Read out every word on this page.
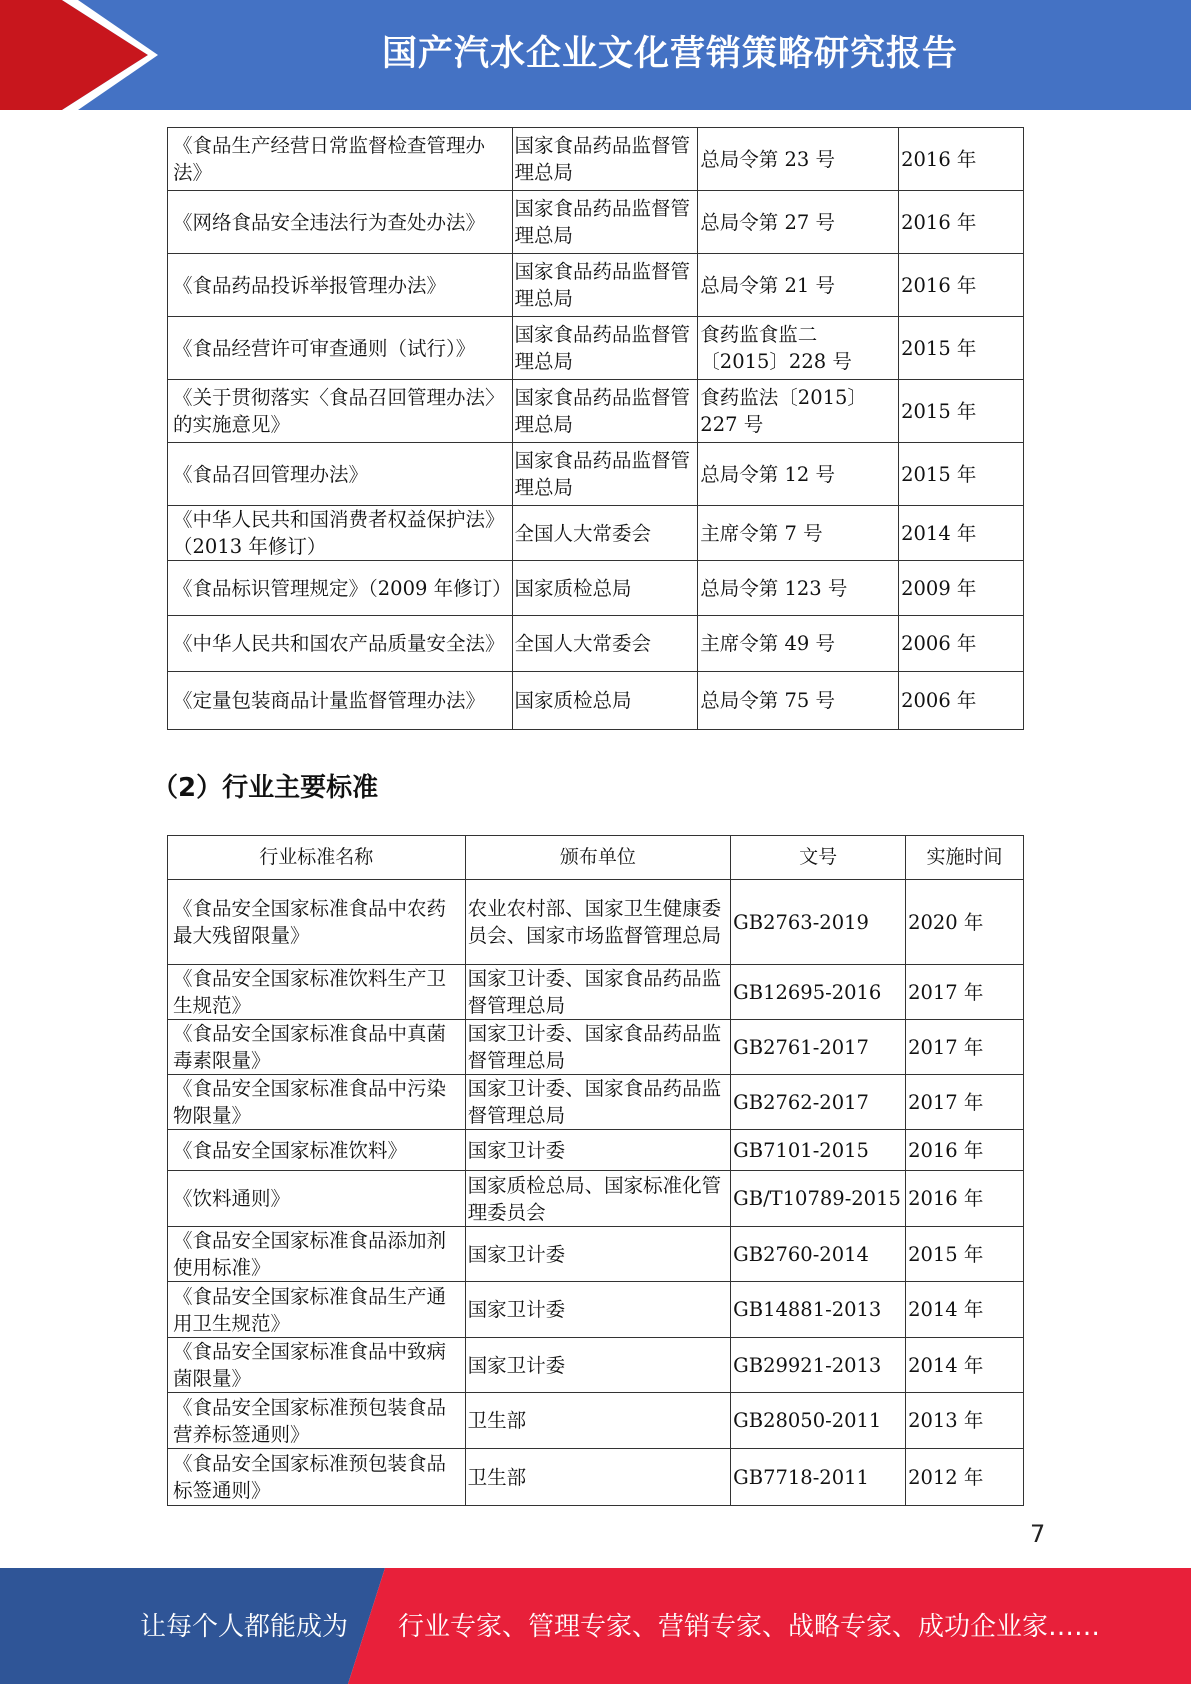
国产汽水企业文化营销策略研究报告
《食品生产经营日常监督检查管理办法》	国家食品药品监督管理总局	总局令第 23 号	2016 年
《网络食品安全违法行为查处办法》	国家食品药品监督管理总局	总局令第 27 号	2016 年
《食品药品投诉举报管理办法》	国家食品药品监督管理总局	总局令第 21 号	2016 年
《食品经营许可审查通则（试行）》	国家食品药品监督管理总局	食药监食监二〔2015〕228 号	2015 年
《关于贯彻落实〈食品召回管理办法〉的实施意见》	国家食品药品监督管理总局	食药监法〔2015〕227 号	2015 年
《食品召回管理办法》	国家食品药品监督管理总局	总局令第 12 号	2015 年
《中华人民共和国消费者权益保护法》（2013 年修订）	全国人大常委会	主席令第 7 号	2014 年
《食品标识管理规定》（2009 年修订）	国家质检总局	总局令第 123 号	2009 年
《中华人民共和国农产品质量安全法》	全国人大常委会	主席令第 49 号	2006 年
《定量包装商品计量监督管理办法》	国家质检总局	总局令第 75 号	2006 年
（2）行业主要标准
行业标准名称	颁布单位	文号	实施时间
《食品安全国家标准食品中农药最大残留限量》	农业农村部、国家卫生健康委员会、国家市场监督管理总局	GB2763-2019	2020 年
《食品安全国家标准饮料生产卫生规范》	国家卫计委、国家食品药品监督管理总局	GB12695-2016	2017 年
《食品安全国家标准食品中真菌毒素限量》	国家卫计委、国家食品药品监督管理总局	GB2761-2017	2017 年
《食品安全国家标准食品中污染物限量》	国家卫计委、国家食品药品监督管理总局	GB2762-2017	2017 年
《食品安全国家标准饮料》	国家卫计委	GB7101-2015	2016 年
《饮料通则》	国家质检总局、国家标准化管理委员会	GB/T10789-2015	2016 年
《食品安全国家标准食品添加剂使用标准》	国家卫计委	GB2760-2014	2015 年
《食品安全国家标准食品生产通用卫生规范》	国家卫计委	GB14881-2013	2014 年
《食品安全国家标准食品中致病菌限量》	国家卫计委	GB29921-2013	2014 年
《食品安全国家标准预包装食品营养标签通则》	卫生部	GB28050-2011	2013 年
《食品安全国家标准预包装食品标签通则》	卫生部	GB7718-2011	2012 年
7
让每个人都能成为 行业专家、管理专家、营销专家、战略专家、成功企业家……
